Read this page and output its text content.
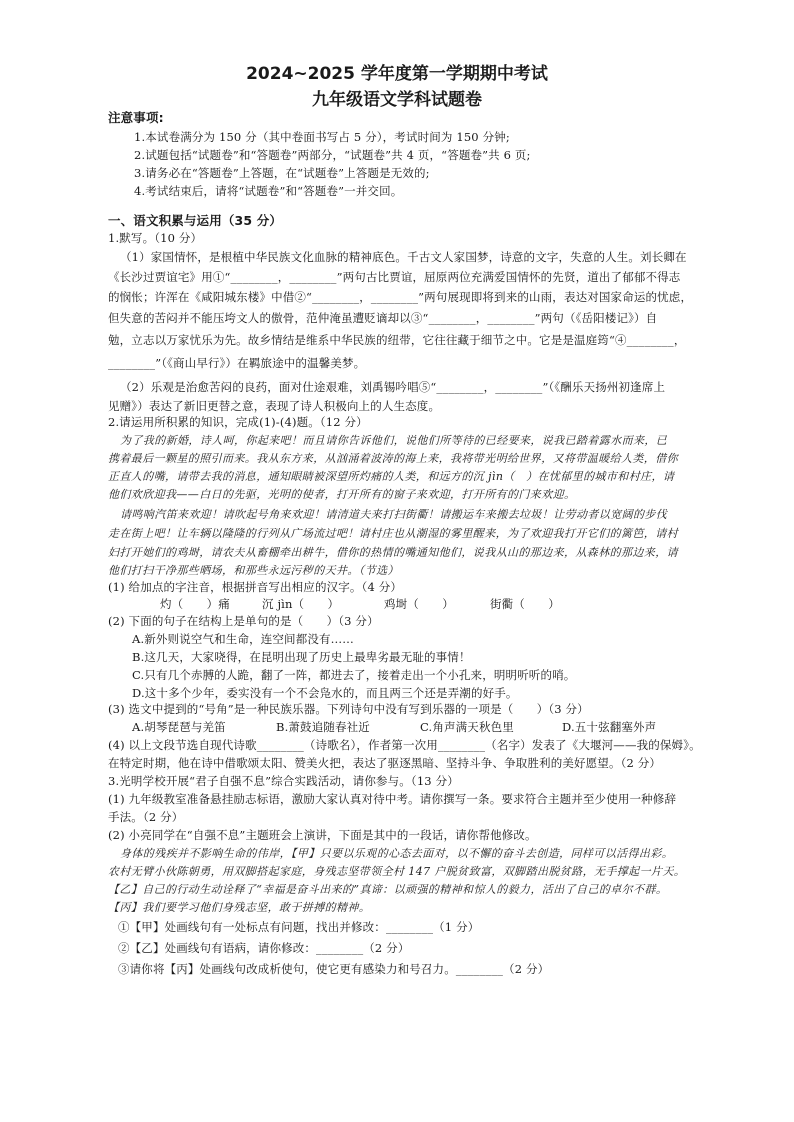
2024~2025 学年度第一学期期中考试
九年级语文学科试题卷
注意事项:
1.本试卷满分为 150 分（其中卷面书写占 5 分），考试时间为 150 分钟;
2.试题包括“试题卷”和“答题卷”两部分，“试题卷”共 4 页，“答题卷”共 6 页;
3.请务必在“答题卷”上答题，在“试题卷”上答题是无效的;
4.考试结束后，请将“试题卷”和“答题卷”一并交回。
一、语文积累与运用（35 分）
1.默写。（10 分）
（1）家国情怀，是根植中华民族文化血脉的精神底色。千古文人家国梦，诗意的文字，失意的人生。刘长卿在
《长沙过贾谊宅》用①“________，________”两句古比贾谊，屈原两位充满爱国情怀的先贤，道出了郁郁不得志
的悯怅；许浑在《咸阳城东楼》中借②“________，________”两句展现即将到来的山雨，表达对国家命运的忧虑，
但失意的苦闷并不能压垮文人的傲骨，范仲淹虽遭贬谪却以③“________，________”两句（《岳阳楼记》）自
勉，立志以万家忧乐为先。故乡情结是维系中华民族的纽带，它往往藏于细节之中。它是是温庭筠“④________，
________”（《商山早行》）在羁旅途中的温馨美梦。
（2）乐观是治愈苦闷的良药，面对仕途艰难，刘禹锡吟唱⑤“________，________”（《酬乐天扬州初逢席上
见赠》）表达了新旧更替之意，表现了诗人积极向上的人生态度。
2.请运用所积累的知识，完成(1)-(4)题。（12 分）
为了我的新婚，诗人呵，你起来吧！而且请你告诉他们，说他们所等待的已经要来，说我已踏着露水而来，已
携着最后一颗星的照引而来。我从东方来，从汹涌着波涛的海上来，我将带光明给世界，又将带温暖给人类，借你
正直人的嘴，请带去我的消息，通知眼睛被深望所灼痛的人类，和远方的沉 jìn（　）在忧郁里的城市和村庄，请
他们欢欣迎我——白日的先驱，光明的使者，打开所有的窗子来欢迎，打开所有的门来欢迎。
请鸣响汽笛来欢迎！请吹起号角来欢迎！请清道夫来打扫街衢！请搬运车来搬去垃圾！让劳动者以宽阔的步伐
走在街上吧！让车辆以隆隆的行列从广场流过吧！请村庄也从潮湿的雾里醒来，为了欢迎我打开它们的篱笆，请村
妇打开她们的鸡埘，请农夫从畜棚牵出耕牛，借你的热情的嘴通知他们，说我从山的那边来，从森林的那边来，请
他们打扫干净那些晒场，和那些永远污秽的天井。（节选）
(1) 给加点的字注音，根据拼音写出相应的汉字。（4 分）
灼（　　）痛	沉 jìn（　　）	鸡埘（　　）	街衢（　　）
(2) 下面的句子在结构上是单句的是（　　）（3 分）
A.新外则说空气和生命，连空间都没有……
B.这几天，大家哓得，在昆明出现了历史上最卑劣最无耻的事情！
C.只有几个赤膊的人跪，翻了一阵，都进去了，接着走出一个小孔来，明明听听的哨。
D.这十多个少年，委实没有一个不会凫水的，而且两三个还是弄潮的好手。
(3) 选文中提到的“号角”是一种民族乐器。下列诗句中没有写到乐器的一项是（　　）（3 分）
A.胡琴琵琶与羌笛	B.萧鼓追随春社近	C.角声满天秋色里	D.五十弦翻塞外声
(4) 以上文段节选自现代诗歌________（诗歌名），作者第一次用________（名字）发表了《大堰河——我的保姆》。
在特定时期，他在诗中借歌颂太阳、赞美火把，表达了驱逐黑暗、坚持斗争、争取胜利的美好愿望。（2 分）
3.光明学校开展“君子自强不息”综合实践活动，请你参与。（13 分）
(1) 九年级教室准备悬挂励志标语，激励大家认真对待中考。请你撰写一条。要求符合主题并至少使用一种修辞
手法。（2 分）
(2) 小亮同学在“自强不息”主题班会上演讲，下面是其中的一段话，请你帮他修改。
身体的残疾并不影响生命的伟岸，【甲】只要以乐观的心态去面对，以不懈的奋斗去创造，同样可以活得出彩。
农村无臂小伙陈朝勇，用双脚搭起家庭，身残志坚带领全村 147 户脱贫致富，双脚踏出脱贫路，无手撑起一片天。
【乙】自己的行动生动诠释了“幸福是奋斗出来的”真谛：以顽强的精神和惊人的毅力，活出了自己的卓尔不群。
【丙】我们要学习他们身残志坚，敢于拼搏的精神。
①【甲】处画线句有一处标点有问题，找出并修改：________（1 分）
②【乙】处画线句有语病，请你修改：________（2 分）
③请你将【丙】处画线句改成析使句，使它更有感染力和号召力。________（2 分）
